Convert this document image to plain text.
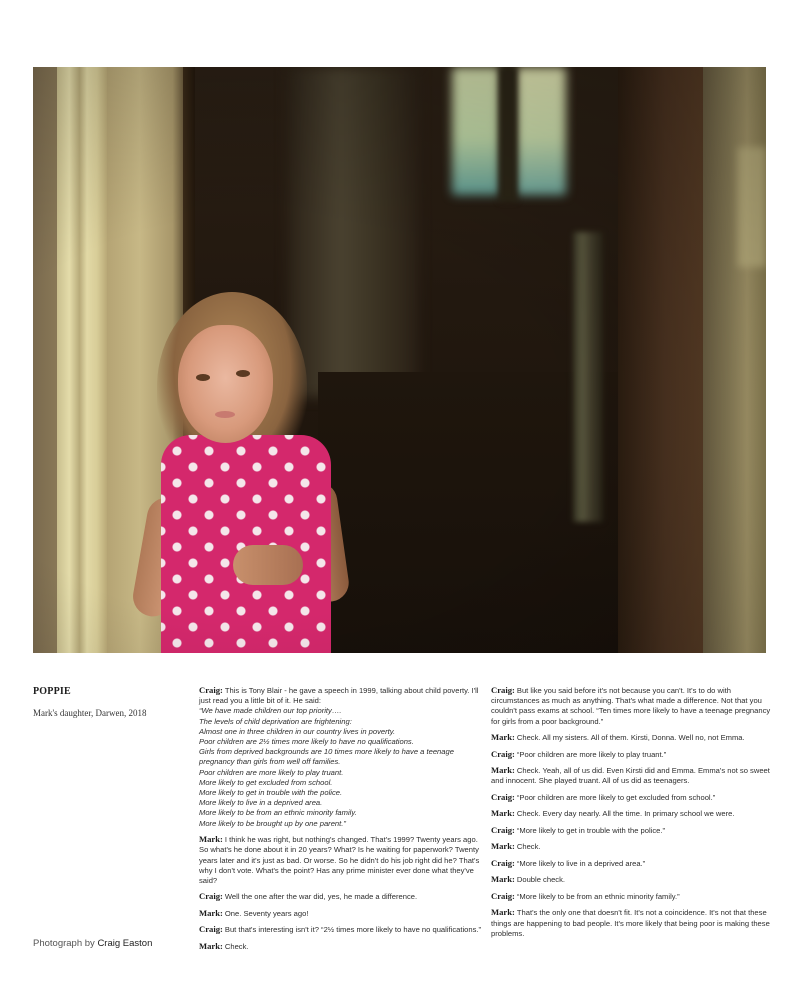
POPPIE
Mark's daughter, Darwen, 2018
Photograph by Craig Easton

Craig: This is Tony Blair - he gave a speech in 1999, talking about child poverty. I'll just read you a little bit of it. He said:
“We have made children our top priority….
The levels of child deprivation are frightening:
Almost one in three children in our country lives in poverty.
Poor children are 2½ times more likely to have no qualifications.
Girls from deprived backgrounds are 10 times more likely to have a teenage pregnancy than girls from well off families.
Poor children are more likely to play truant.
More likely to get excluded from school.
More likely to get in trouble with the police.
More likely to live in a deprived area.
More likely to be from an ethnic minority family.
More likely to be brought up by one parent.”

Mark: I think he was right, but nothing's changed. That's 1999? Twenty years ago. So what's he done about it in 20 years? What? Is he waiting for paperwork? Twenty years later and it's just as bad. Or worse. So he didn't do his job right did he? That's why I don't vote. What's the point? Has any prime minister ever done what they've said?

Craig: Well the one after the war did, yes, he made a difference.

Mark: One. Seventy years ago!

Craig: But that's interesting isn't it? “2½ times more likely to have no qualifications.”

Mark: Check.

Craig: But like you said before it's not because you can't. It's to do with circumstances as much as anything. That's what made a difference. Not that you couldn't pass exams at school. “Ten times more likely to have a teenage pregnancy for girls from a poor background.”

Mark: Check. All my sisters. All of them. Kirsti, Donna. Well no, not Emma.

Craig: “Poor children are more likely to play truant.”

Mark: Check. Yeah, all of us did. Even Kirsti did and Emma. Emma's not so sweet and innocent. She played truant. All of us did as teenagers.

Craig: “Poor children are more likely to get excluded from school.”

Mark: Check. Every day nearly. All the time. In primary school we were.

Craig: “More likely to get in trouble with the police.”

Mark: Check.

Craig: “More likely to live in a deprived area.”

Mark: Double check.

Craig: “More likely to be from an ethnic minority family.”

Mark: That's the only one that doesn't fit. It's not a coincidence. It's not that these things are happening to bad people. It's more likely that being poor is making these problems.
